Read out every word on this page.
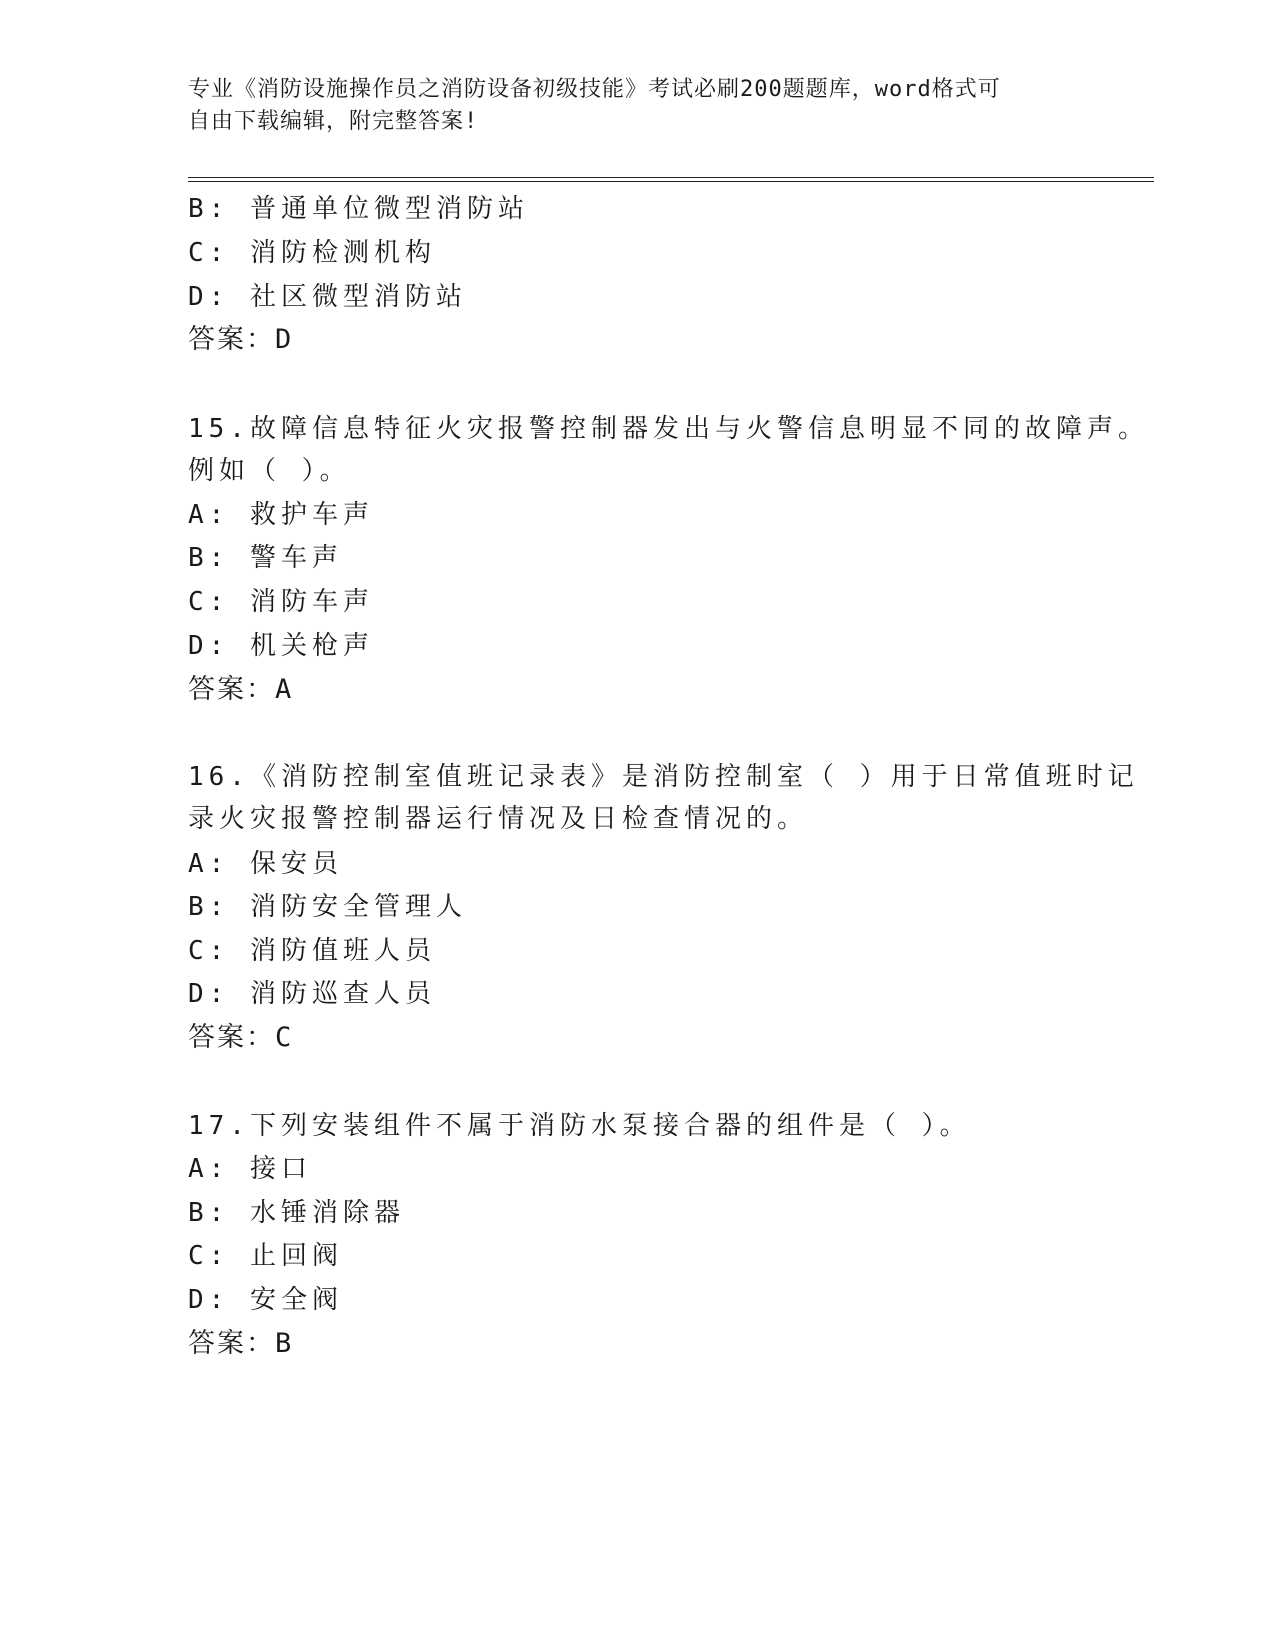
专业《消防设施操作员之消防设备初级技能》考试必刷200题题库，word格式可
自由下载编辑，附完整答案!
B: 普通单位微型消防站
C: 消防检测机构
D: 社区微型消防站
答案：D
15.故障信息特征火灾报警控制器发出与火警信息明显不同的故障声。
例如（ ）。
A: 救护车声
B: 警车声
C: 消防车声
D: 机关枪声
答案：A
16.《消防控制室值班记录表》是消防控制室（ ）用于日常值班时记
录火灾报警控制器运行情况及日检查情况的。
A: 保安员
B: 消防安全管理人
C: 消防值班人员
D: 消防巡查人员
答案：C
17.下列安装组件不属于消防水泵接合器的组件是（ ）。
A: 接口
B: 水锤消除器
C: 止回阀
D: 安全阀
答案：B
